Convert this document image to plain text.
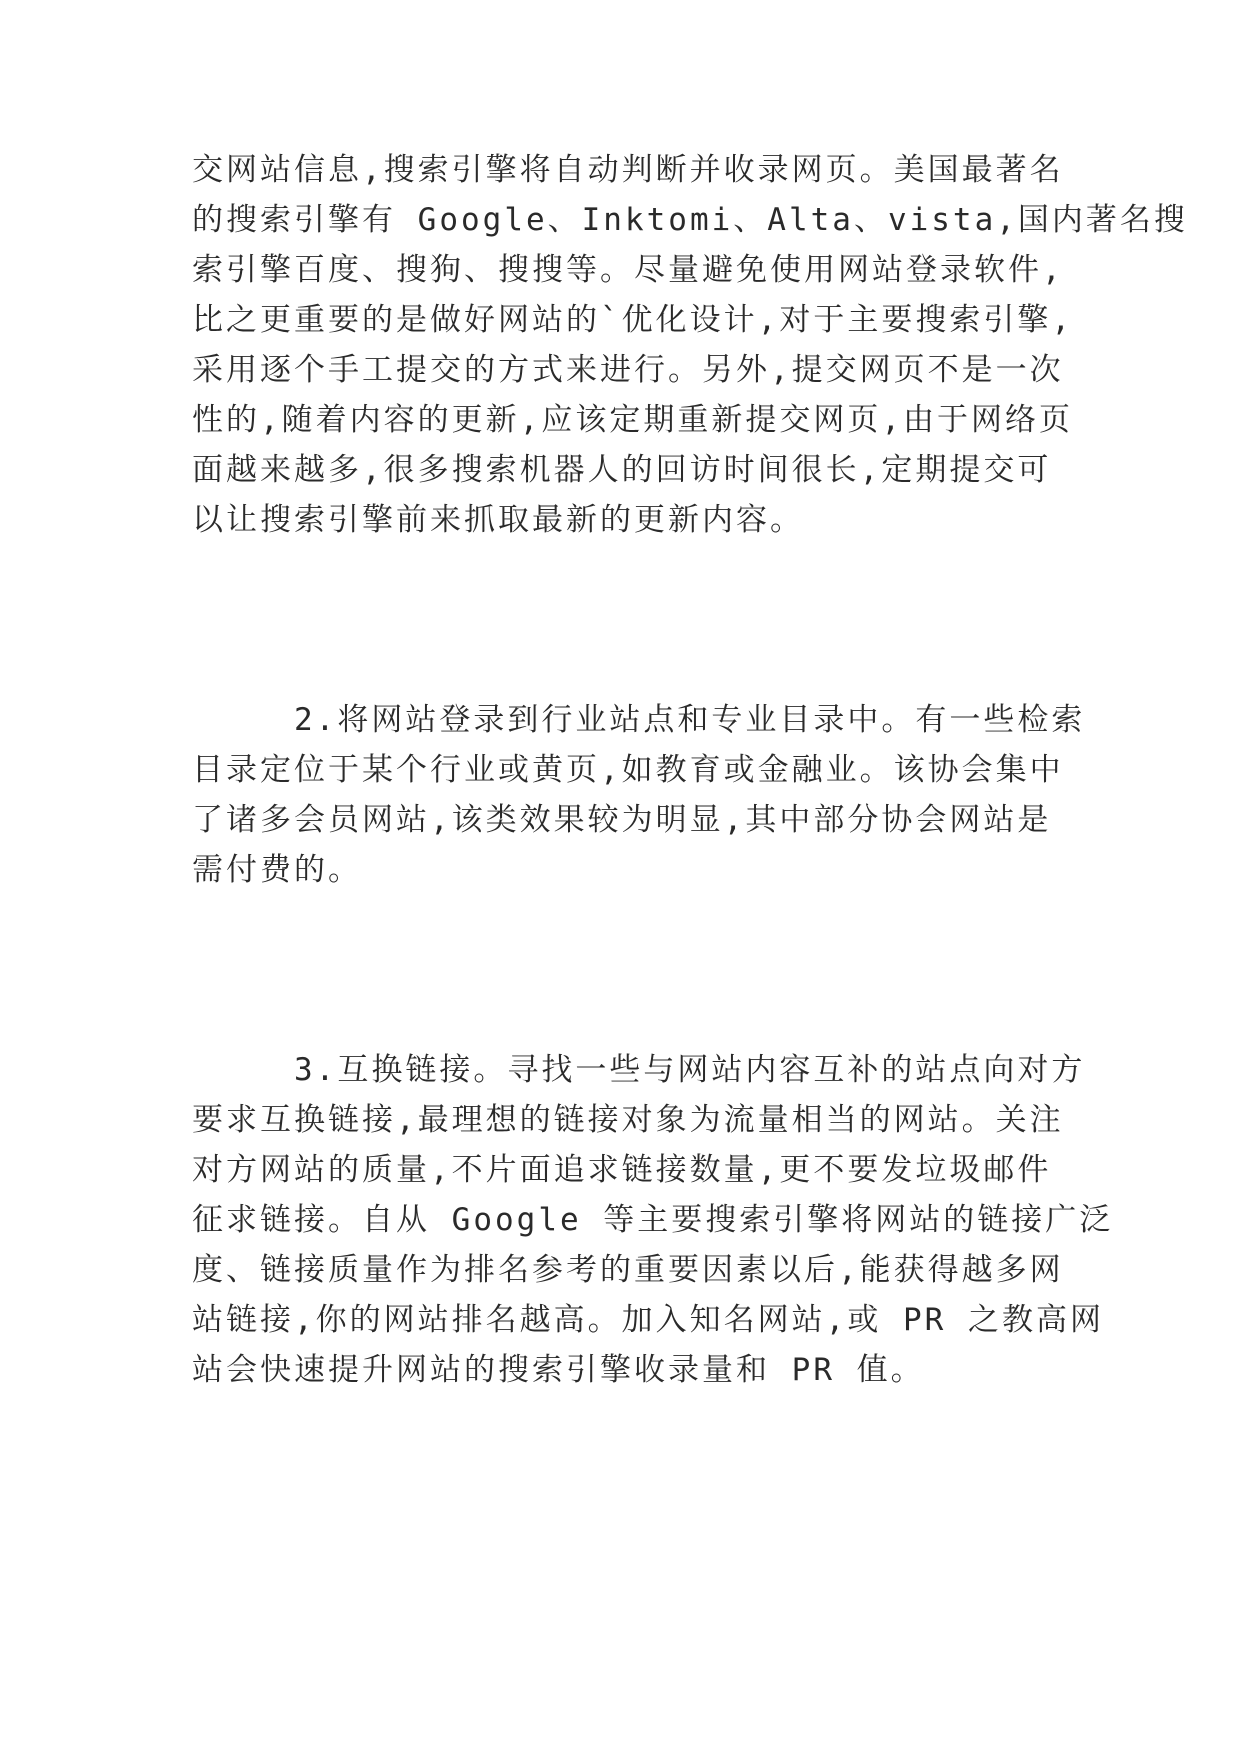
交网站信息,搜索引擎将自动判断并收录网页。美国最著名
的搜索引擎有 Google、Inktomi、Alta、vista,国内著名搜
索引擎百度、搜狗、搜搜等。尽量避免使用网站登录软件,
比之更重要的是做好网站的`优化设计,对于主要搜索引擎,
采用逐个手工提交的方式来进行。另外,提交网页不是一次
性的,随着内容的更新,应该定期重新提交网页,由于网络页
面越来越多,很多搜索机器人的回访时间很长,定期提交可
以让搜索引擎前来抓取最新的更新内容。
2.将网站登录到行业站点和专业目录中。有一些检索
目录定位于某个行业或黄页,如教育或金融业。该协会集中
了诸多会员网站,该类效果较为明显,其中部分协会网站是
需付费的。
3.互换链接。寻找一些与网站内容互补的站点向对方
要求互换链接,最理想的链接对象为流量相当的网站。关注
对方网站的质量,不片面追求链接数量,更不要发垃圾邮件
征求链接。自从 Google 等主要搜索引擎将网站的链接广泛
度、链接质量作为排名参考的重要因素以后,能获得越多网
站链接,你的网站排名越高。加入知名网站,或 PR 之教高网
站会快速提升网站的搜索引擎收录量和 PR 值。
